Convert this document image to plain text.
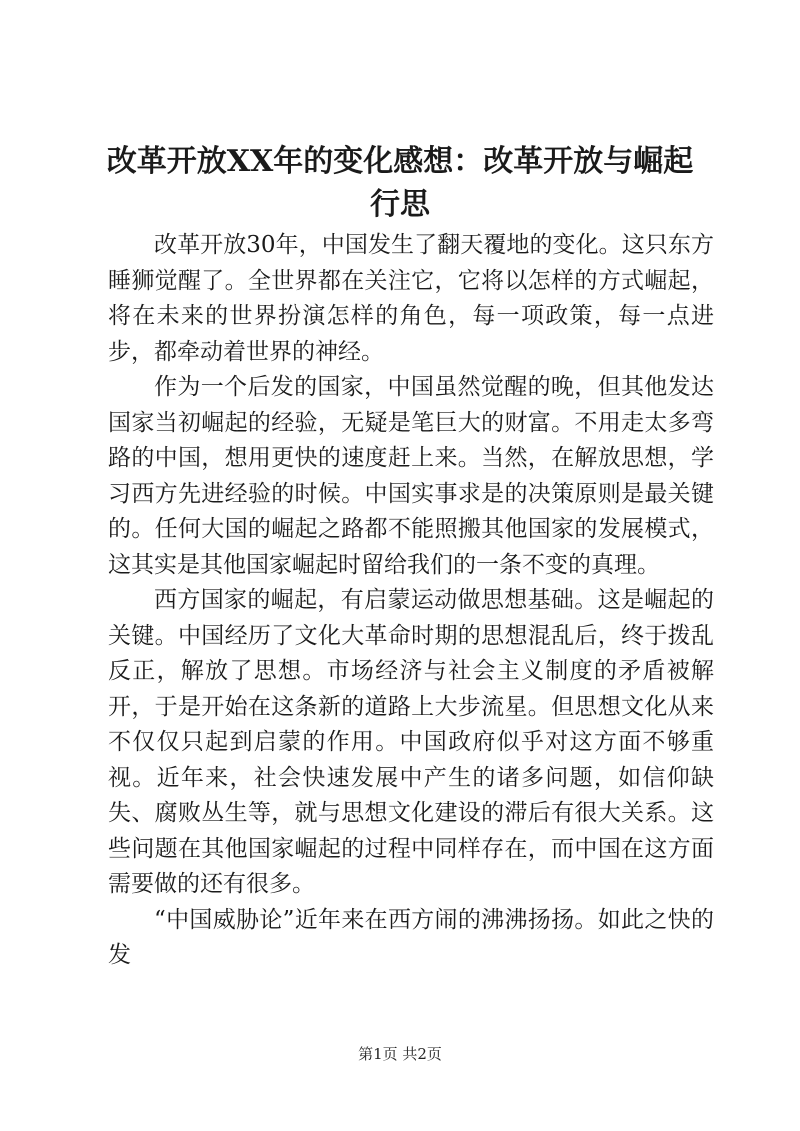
改革开放XX年的变化感想：改革开放与崛起行思

改革开放30年，中国发生了翻天覆地的变化。这只东方睡狮觉醒了。全世界都在关注它，它将以怎样的方式崛起，将在未来的世界扮演怎样的角色，每一项政策，每一点进步，都牵动着世界的神经。

作为一个后发的国家，中国虽然觉醒的晚，但其他发达国家当初崛起的经验，无疑是笔巨大的财富。不用走太多弯路的中国，想用更快的速度赶上来。当然，在解放思想，学习西方先进经验的时候。中国实事求是的决策原则是最关键的。任何大国的崛起之路都不能照搬其他国家的发展模式，这其实是其他国家崛起时留给我们的一条不变的真理。

西方国家的崛起，有启蒙运动做思想基础。这是崛起的关键。中国经历了文化大革命时期的思想混乱后，终于拨乱反正，解放了思想。市场经济与社会主义制度的矛盾被解开，于是开始在这条新的道路上大步流星。但思想文化从来不仅仅只起到启蒙的作用。中国政府似乎对这方面不够重视。近年来，社会快速发展中产生的诸多问题，如信仰缺失、腐败丛生等，就与思想文化建设的滞后有很大关系。这些问题在其他国家崛起的过程中同样存在，而中国在这方面需要做的还有很多。

“中国威胁论”近年来在西方闹的沸沸扬扬。如此之快的发

第1页 共2页
